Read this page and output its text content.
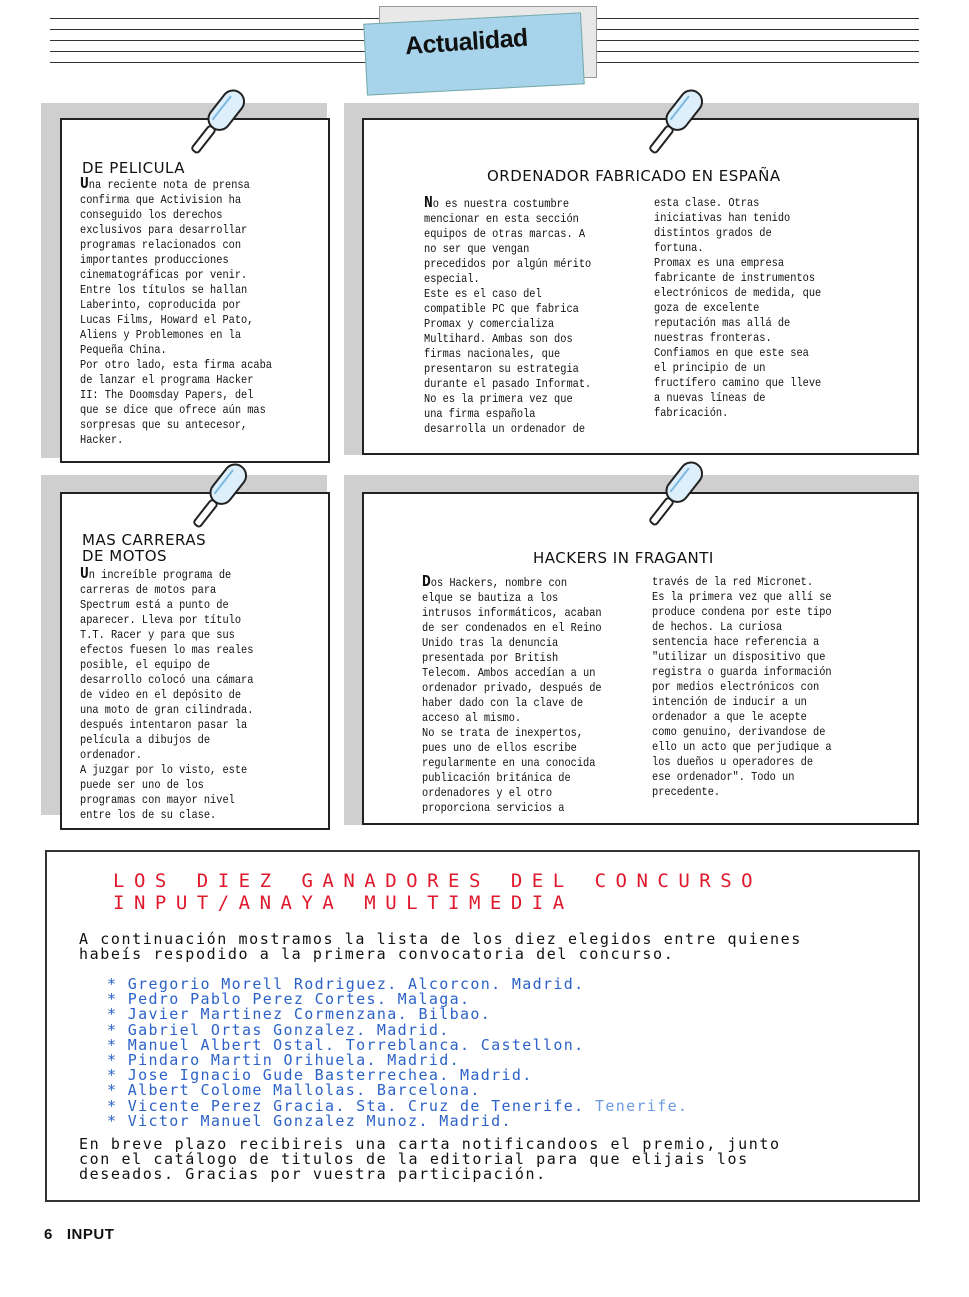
Actualidad
DE PELICULA
Una reciente nota de prensa
confirma que Activision ha
conseguido los derechos
exclusivos para desarrollar
programas relacionados con
importantes producciones
cinematográficas por venir.
Entre los títulos se hallan
Laberinto, coproducida por
Lucas Films, Howard el Pato,
Aliens y Problemones en la
Pequeña China.
Por otro lado, esta firma acaba
de lanzar el programa Hacker
II: The Doomsday Papers, del
que se dice que ofrece aún mas
sorpresas que su antecesor,
Hacker.
ORDENADOR FABRICADO EN ESPAÑA
No es nuestra costumbre
mencionar en esta sección
equipos de otras marcas. A
no ser que vengan
precedidos por algún mérito
especial.
Este es el caso del
compatible PC que fabrica
Promax y comercializa
Multihard. Ambas son dos
firmas nacionales, que
presentaron su estrategia
durante el pasado Informat.
No es la primera vez que
una firma española
desarrolla un ordenador de
esta clase. Otras
iniciativas han tenido
distintos grados de
fortuna.
Promax es una empresa
fabricante de instrumentos
electrónicos de medida, que
goza de excelente
reputación mas allá de
nuestras fronteras.
Confiamos en que este sea
el principio de un
fructífero camino que lleve
a nuevas líneas de
fabricación.
MAS CARRERAS
DE MOTOS
Un increíble programa de
carreras de motos para
Spectrum está a punto de
aparecer. Lleva por título
T.T. Racer y para que sus
efectos fuesen lo mas reales
posible, el equipo de
desarrollo colocó una cámara
de video en el depósito de
una moto de gran cilindrada.
después intentaron pasar la
película a dibujos de
ordenador.
A juzgar por lo visto, este
puede ser uno de los
programas con mayor nivel
entre los de su clase.
HACKERS IN FRAGANTI
Dos Hackers, nombre con
elque se bautiza a los
intrusos informáticos, acaban
de ser condenados en el Reino
Unido tras la denuncia
presentada por British
Telecom. Ambos accedían a un
ordenador privado, después de
haber dado con la clave de
acceso al mismo.
No se trata de inexpertos,
pues uno de ellos escribe
regularmente en una conocida
publicación británica de
ordenadores y el otro
proporciona servicios a
través de la red Micronet.
Es la primera vez que allí se
produce condena por este tipo
de hechos. La curiosa
sentencia hace referencia a
"utilizar un dispositivo que
registra o guarda información
por medios electrónicos con
intención de inducir a un
ordenador a que le acepte
como genuino, derivandose de
ello un acto que perjudique a
los dueños u operadores de
ese ordenador". Todo un
precedente.
LOS DIEZ GANADORES DEL CONCURSO
INPUT/ANAYA MULTIMEDIA
A continuación mostramos la lista de los diez elegidos entre quienes
habeís respodido a la primera convocatoria del concurso.
* Gregorio Morell Rodriguez. Alcorcon. Madrid.
* Pedro Pablo Perez Cortes. Malaga.
* Javier Martinez Cormenzana. Bilbao.
* Gabriel Ortas Gonzalez. Madrid.
* Manuel Albert Ostal. Torreblanca. Castellon.
* Pindaro Martin Orihuela. Madrid.
* Jose Ignacio Gude Basterrechea. Madrid.
* Albert Colome Mallolas. Barcelona.
* Vicente Perez Gracia. Sta. Cruz de Tenerife. Tenerife.
* Victor Manuel Gonzalez Munoz. Madrid.
En breve plazo recibireis una carta notificandoos el premio, junto
con el catálogo de titulos de la editorial para que elijais los
deseados. Gracias por vuestra participación.
6 INPUT
